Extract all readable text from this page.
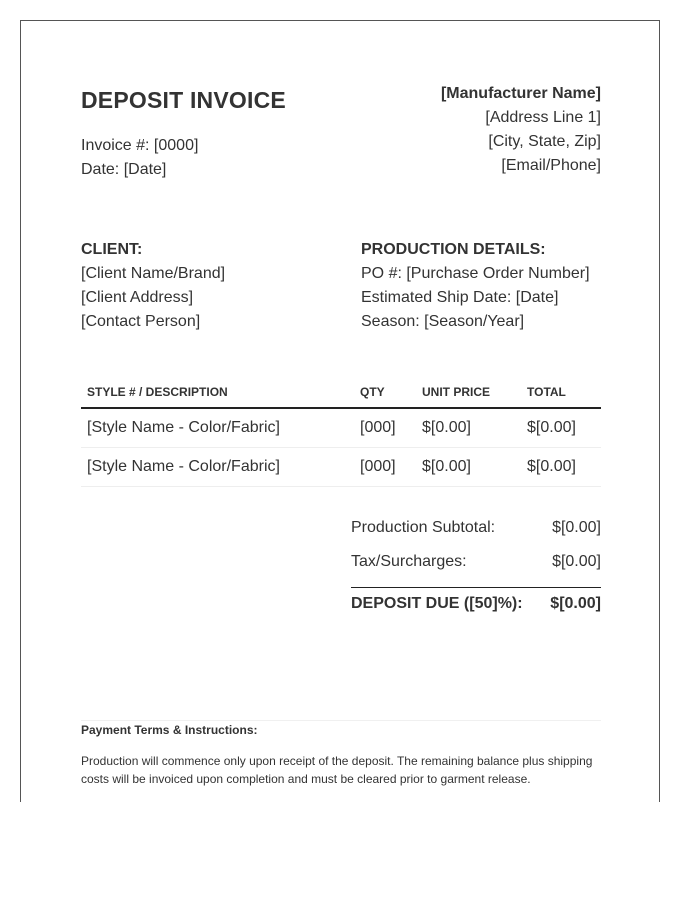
DEPOSIT INVOICE
Invoice #: [0000]
Date: [Date]
[Manufacturer Name]
[Address Line 1]
[City, State, Zip]
[Email/Phone]
CLIENT:
[Client Name/Brand]
[Client Address]
[Contact Person]
PRODUCTION DETAILS:
PO #: [Purchase Order Number]
Estimated Ship Date: [Date]
Season: [Season/Year]
STYLE # / DESCRIPTION	QTY	UNIT PRICE	TOTAL
[Style Name - Color/Fabric]	[000]	$[0.00]	$[0.00]
[Style Name - Color/Fabric]	[000]	$[0.00]	$[0.00]
Production Subtotal:	$[0.00]
Tax/Surcharges:	$[0.00]
DEPOSIT DUE ([50]%): $[0.00]
Payment Terms & Instructions:
Production will commence only upon receipt of the deposit. The remaining balance plus shipping costs will be invoiced upon completion and must be cleared prior to garment release.
